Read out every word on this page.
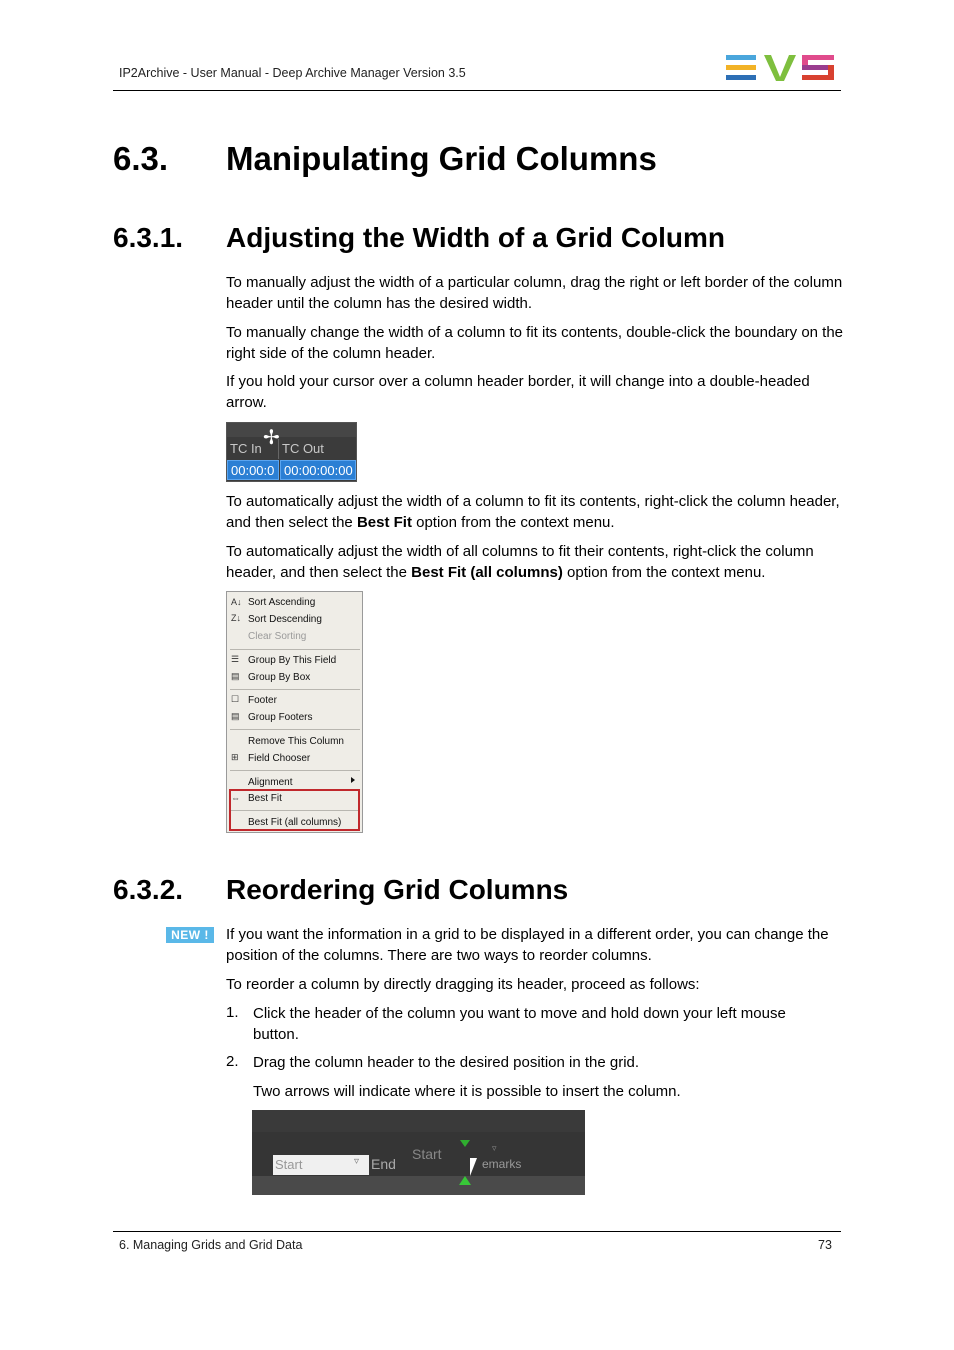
IP2Archive - User Manual - Deep Archive Manager Version 3.5
6.3. Manipulating Grid Columns
6.3.1. Adjusting the Width of a Grid Column
To manually adjust the width of a particular column, drag the right or left border of the column header until the column has the desired width.
To manually change the width of a column to fit its contents, double-click the boundary on the right side of the column header.
If you hold your cursor over a column header border, it will change into a double-headed arrow.
TC In	TC Out
00:00:0 00:00:00:00
✢
To automatically adjust the width of a column to fit its contents, right-click the column header, and then select the Best Fit option from the context menu.
To automatically adjust the width of all columns to fit their contents, right-click the column header, and then select the Best Fit (all columns) option from the context menu.
A↓ Sort Ascending
Z↓ Sort Descending
Clear Sorting
☰ Group By This Field
▤ Group By Box
☐ Footer
▤ Group Footers
Remove This Column
⊞ Field Chooser
Alignment
⇔ Best Fit
Best Fit (all columns)
6.3.2. Reordering Grid Columns
NEW !	If you want the information in a grid to be displayed in a different order, you can change the position of the columns. There are two ways to reorder columns.
To reorder a column by directly dragging its header, proceed as follows:
1. Click the header of the column you want to move and hold down your left mouse button.
2. Drag the column header to the desired position in the grid.
Two arrows will indicate where it is possible to insert the column.
Start	▿ End
Start
emarks
▿
6. Managing Grids and Grid Data	73
